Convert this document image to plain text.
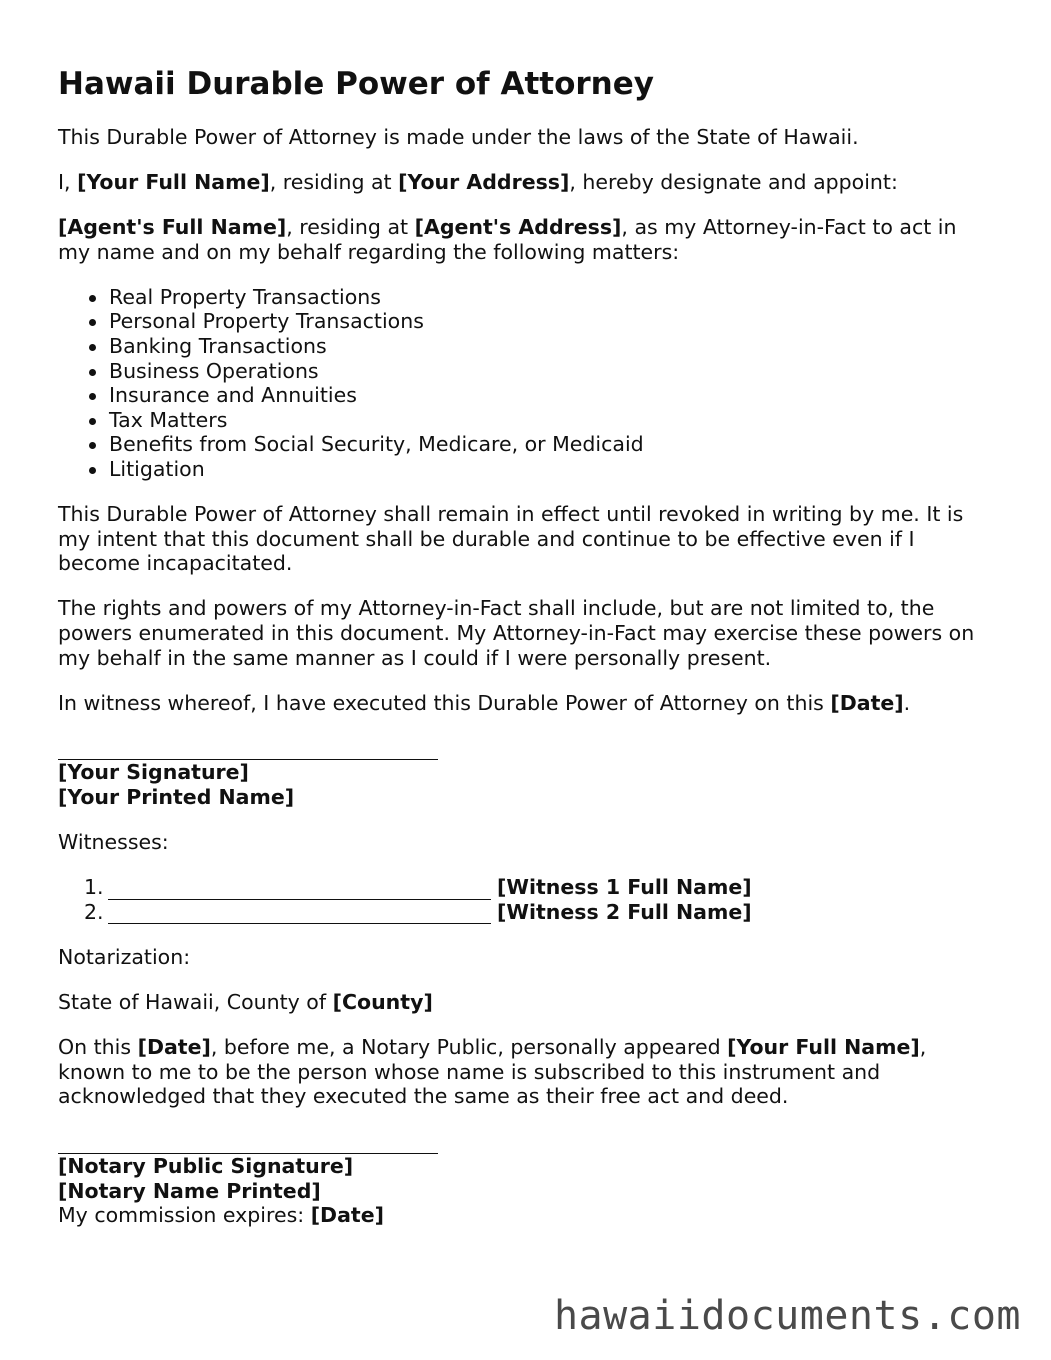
Hawaii Durable Power of Attorney

This Durable Power of Attorney is made under the laws of the State of Hawaii.

I, [Your Full Name], residing at [Your Address], hereby designate and appoint:

[Agent's Full Name], residing at [Agent's Address], as my Attorney-in-Fact to act in my name and on my behalf regarding the following matters:

Real Property Transactions
Personal Property Transactions
Banking Transactions
Business Operations
Insurance and Annuities
Tax Matters
Benefits from Social Security, Medicare, or Medicaid
Litigation

This Durable Power of Attorney shall remain in effect until revoked in writing by me. It is my intent that this document shall be durable and continue to be effective even if I become incapacitated.

The rights and powers of my Attorney-in-Fact shall include, but are not limited to, the powers enumerated in this document. My Attorney-in-Fact may exercise these powers on my behalf in the same manner as I could if I were personally present.

In witness whereof, I have executed this Durable Power of Attorney on this [Date].

[Your Signature]

[Your Printed Name]

Witnesses:

1.	[Witness 1 Full Name]
2.	[Witness 2 Full Name]

Notarization:

State of Hawaii, County of [County]

On this [Date], before me, a Notary Public, personally appeared [Your Full Name], known to me to be the person whose name is subscribed to this instrument and acknowledged that they executed the same as their free act and deed.

[Notary Public Signature]

[Notary Name Printed]

My commission expires: [Date]

hawaiidocuments.com
